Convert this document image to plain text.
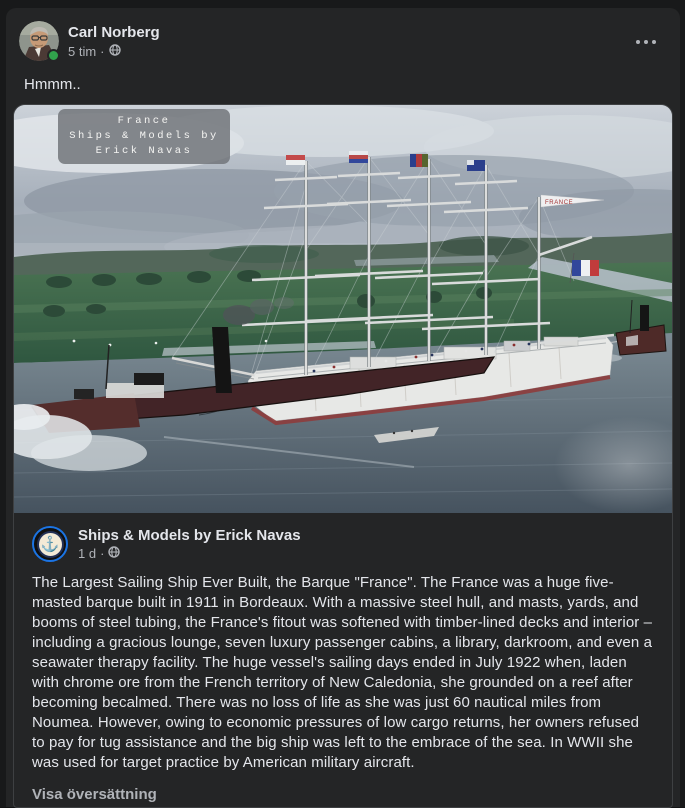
Carl Norberg
5 tim ·
Hmmm..
FRANCE
France
Ships & Models by
Erick Navas
⚓ Ships & Models by Erick Navas
1 d ·
The Largest Sailing Ship Ever Built, the Barque "France". The France was a huge five-masted barque built in 1911 in Bordeaux. With a massive steel hull, and masts, yards, and booms of steel tubing, the France's fitout was softened with timber-lined decks and interior – including a gracious lounge, seven luxury passenger cabins, a library, darkroom, and even a seawater therapy facility. The huge vessel's sailing days ended in July 1922 when, laden with chrome ore from the French territory of New Caledonia, she grounded on a reef after becoming becalmed. There was no loss of life as she was just 60 nautical miles from Noumea. However, owing to economic pressures of low cargo returns, her owners refused to pay for tug assistance and the big ship was left to the embrace of the sea. In WWII she was used for target practice by American military aircraft.
Visa översättning
